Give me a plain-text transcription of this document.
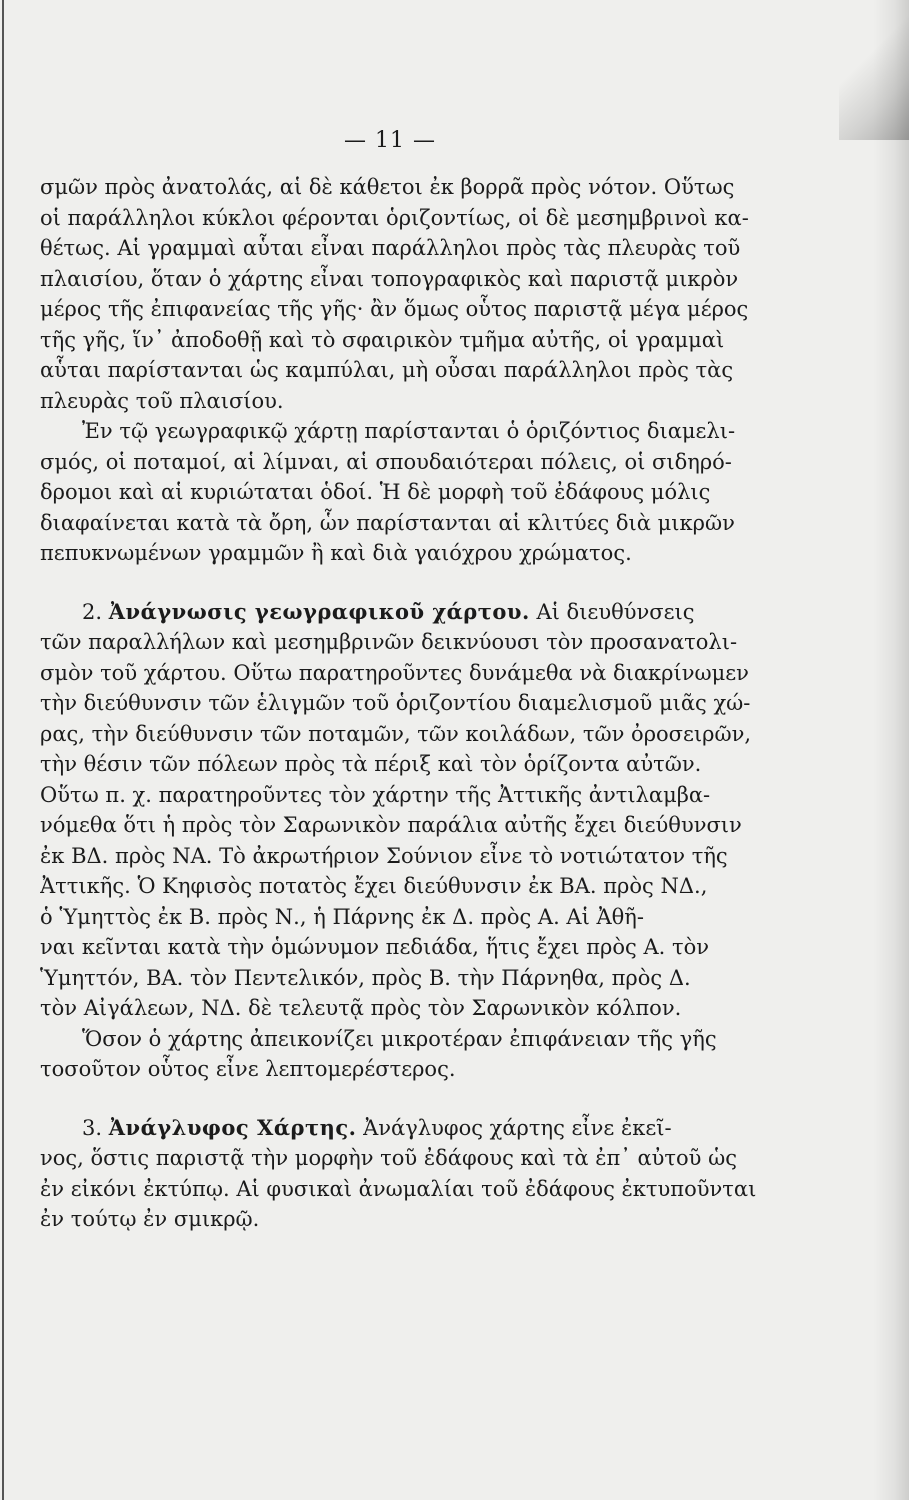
— 11 —
σμῶν πρὸς ἀνατολάς, αἱ δὲ κάθετοι ἐκ βορρᾶ πρὸς νότον. Οὕτως
οἱ παράλληλοι κύκλοι φέρονται ὁριζοντίως, οἱ δὲ μεσημβρινοὶ κα-
θέτως. Αἱ γραμμαὶ αὗται εἶναι παράλληλοι πρὸς τὰς πλευρὰς τοῦ
πλαισίου, ὅταν ὁ χάρτης εἶναι τοπογραφικὸς καὶ παριστᾷ μικρὸν
μέρος τῆς ἐπιφανείας τῆς γῆς· ἂν ὅμως οὗτος παριστᾷ μέγα μέρος
τῆς γῆς, ἵν᾽ ἀποδοθῇ καὶ τὸ σφαιρικὸν τμῆμα αὐτῆς, οἱ γραμμαὶ
αὗται παρίστανται ὡς καμπύλαι, μὴ οὖσαι παράλληλοι πρὸς τὰς
πλευρὰς τοῦ πλαισίου.
Ἐν τῷ γεωγραφικῷ χάρτῃ παρίστανται ὁ ὁριζόντιος διαμελι-
σμός, οἱ ποταμοί, αἱ λίμναι, αἱ σπουδαιότεραι πόλεις, οἱ σιδηρό-
δρομοι καὶ αἱ κυριώταται ὁδοί. Ἡ δὲ μορφὴ τοῦ ἐδάφους μόλις
διαφαίνεται κατὰ τὰ ὄρη, ὧν παρίστανται αἱ κλιτύες διὰ μικρῶν
πεπυκνωμένων γραμμῶν ἢ καὶ διὰ γαιόχρου χρώματος.
2. Ἀνάγνωσις γεωγραφικοῦ χάρτου. Αἱ διευθύνσεις
τῶν παραλλήλων καὶ μεσημβρινῶν δεικνύουσι τὸν προσανατολι-
σμὸν τοῦ χάρτου. Οὕτω παρατηροῦντες δυνάμεθα νὰ διακρίνωμεν
τὴν διεύθυνσιν τῶν ἑλιγμῶν τοῦ ὁριζοντίου διαμελισμοῦ μιᾶς χώ-
ρας, τὴν διεύθυνσιν τῶν ποταμῶν, τῶν κοιλάδων, τῶν ὀροσειρῶν,
τὴν θέσιν τῶν πόλεων πρὸς τὰ πέριξ καὶ τὸν ὁρίζοντα αὐτῶν.
Οὕτω π. χ. παρατηροῦντες τὸν χάρτην τῆς Ἀττικῆς ἀντιλαμβα-
νόμεθα ὅτι ἡ πρὸς τὸν Σαρωνικὸν παράλια αὐτῆς ἔχει διεύθυνσιν
ἐκ ΒΔ. πρὸς ΝΑ. Τὸ ἀκρωτήριον Σούνιον εἶνε τὸ νοτιώτατον τῆς
Ἀττικῆς. Ὁ Κηφισὸς ποτατὸς ἔχει διεύθυνσιν ἐκ ΒΑ. πρὸς ΝΔ.,
ὁ Ὑμηττὸς ἐκ Β. πρὸς Ν., ἡ Πάρνης ἐκ Δ. πρὸς Α. Αἱ Ἀθῆ-
ναι κεῖνται κατὰ τὴν ὁμώνυμον πεδιάδα, ἥτις ἔχει πρὸς Α. τὸν
Ὑμηττόν, ΒΑ. τὸν Πεντελικόν, πρὸς Β. τὴν Πάρνηθα, πρὸς Δ.
τὸν Αἰγάλεων, ΝΔ. δὲ τελευτᾷ πρὸς τὸν Σαρωνικὸν κόλπον.
Ὅσον ὁ χάρτης ἀπεικονίζει μικροτέραν ἐπιφάνειαν τῆς γῆς
τοσοῦτον οὗτος εἶνε λεπτομερέστερος.
3. Ἀνάγλυφος Χάρτης. Ἀνάγλυφος χάρτης εἶνε ἐκεῖ-
νος, ὅστις παριστᾷ τὴν μορφὴν τοῦ ἐδάφους καὶ τὰ ἐπ᾽ αὐτοῦ ὡς
ἐν εἰκόνι ἐκτύπῳ. Αἱ φυσικαὶ ἀνωμαλίαι τοῦ ἐδάφους ἐκτυποῦνται
ἐν τούτῳ ἐν σμικρῷ.
